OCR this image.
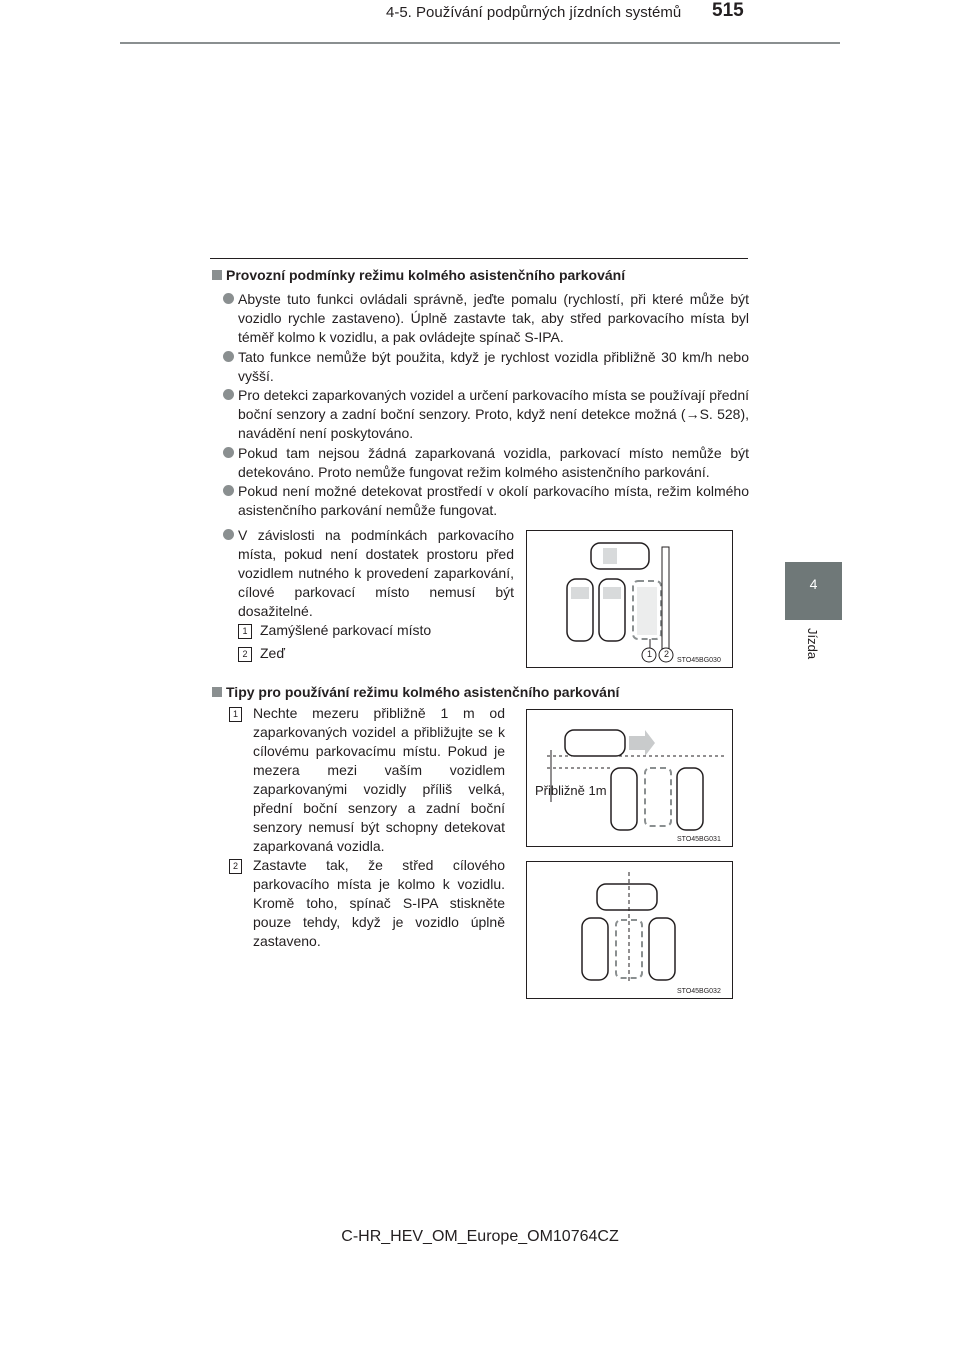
4-5. Používání podpůrných jízdních systémů 515
4
Jízda
Provozní podmínky režimu kolmého asistenčního parkování
Abyste tuto funkci ovládali správně, jeďte pomalu (rychlostí, při které může být vozidlo rychle zastaveno). Úplně zastavte tak, aby střed parkovacího místa byl téměř kolmo k vozidlu, a pak ovládejte spínač S-IPA.
Tato funkce nemůže být použita, když je rychlost vozidla přibližně 30 km/h nebo vyšší.
Pro detekci zaparkovaných vozidel a určení parkovacího místa se používají přední boční senzory a zadní boční senzory. Proto, když není detekce možná (→S. 528), navádění není poskytováno.
Pokud tam nejsou žádná zaparkovaná vozidla, parkovací místo nemůže být detekováno. Proto nemůže fungovat režim kolmého asistenčního parkování.
Pokud není možné detekovat prostředí v okolí parkovacího místa, režim kolmého asistenčního parkování nemůže fungovat.
V závislosti na podmínkách parkovacího místa, pokud není dostatek prostoru před vozidlem nutného k provedení zaparkování, cílové parkovací místo nemusí být dosažitelné.
1 Zamýšlené parkovací místo
2 Zeď	1	2
STO45BG030
Tipy pro používání režimu kolmého asistenčního parkování
1 Nechte mezeru přibližně 1 m od zaparkovaných vozidel a přibližujte se k cílovému parkovacímu místu. Pokud je mezera mezi vaším vozidlem zaparkovanými vozidly příliš velká, přední boční senzory a zadní boční senzory nemusí být schopny detekovat zaparkovaná vozidla.
Přibližně 1m
STO45BG031
2 Zastavte tak, že střed cílového parkovacího místa je kolmo k vozidlu. Kromě toho, spínač S-IPA stiskněte pouze tehdy, když je vozidlo úplně zastaveno.
STO45BG032
C-HR_HEV_OM_Europe_OM10764CZ
